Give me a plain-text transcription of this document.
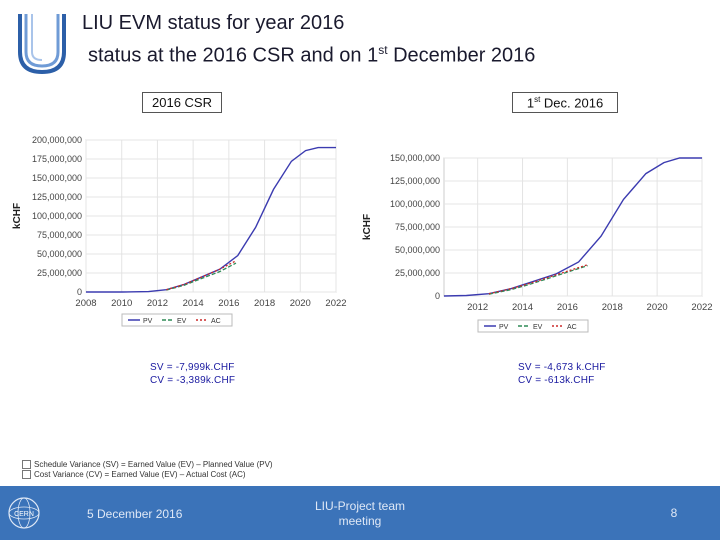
LIU EVM status for year 2016
status at the 2016 CSR and on 1st December 2016
2016 CSR	1st Dec. 2016
0
25,000,000
50,000,000
75,000,000
100,000,000
125,000,000
150,000,000
175,000,000
200,000,000
2008 2010 2012 2014 2016 2018 2020 2022
kCHF
PV	EV	AC
0
25,000,000
50,000,000
75,000,000
100,000,000
125,000,000
150,000,000
2012 2014 2016 2018 2020 2022
kCHF
PV	EV	AC
SV = -7,999k.CHF
CV = -3,389k.CHF
SV = -4,673 k.CHF
CV = -613k.CHF
Schedule Variance (SV) = Earned Value (EV) – Planned Value (PV)
Cost Variance (CV) = Earned Value (EV) – Actual Cost (AC)
CERN	5 December 2016
LIU-Project team meeting
8
